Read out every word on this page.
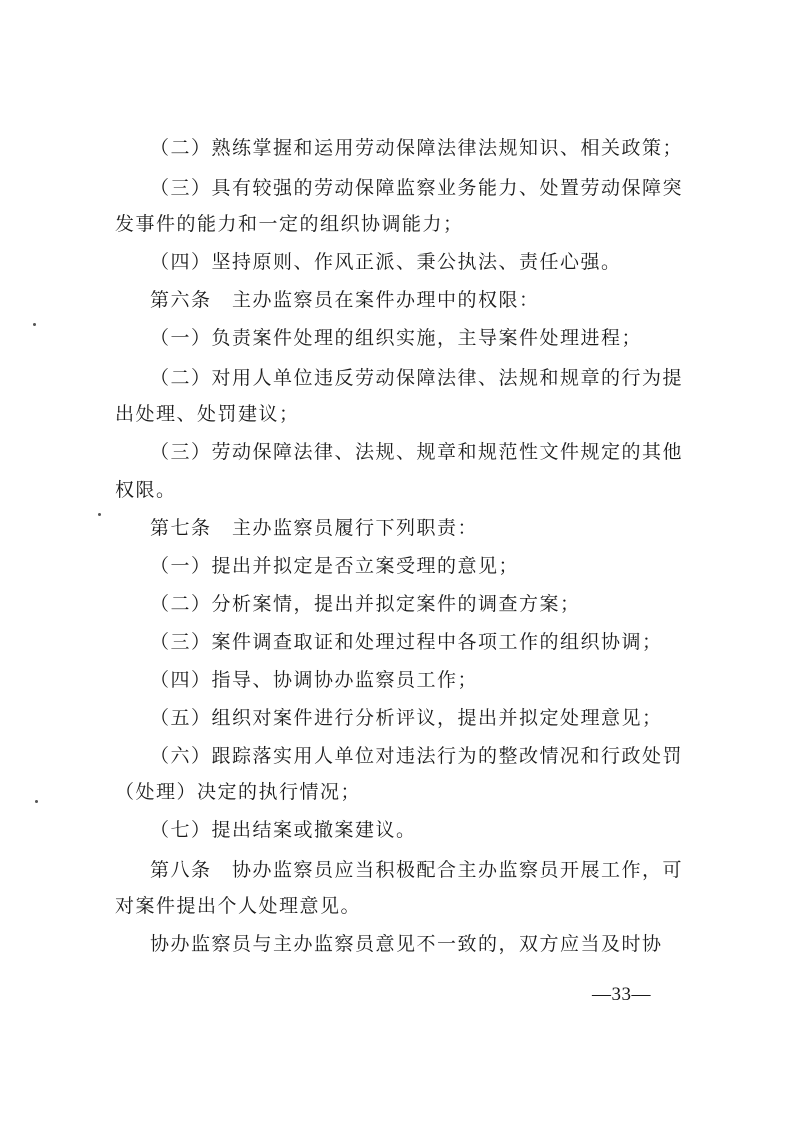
（二）熟练掌握和运用劳动保障法律法规知识、相关政策；
（三）具有较强的劳动保障监察业务能力、处置劳动保障突
发事件的能力和一定的组织协调能力；
（四）坚持原则、作风正派、秉公执法、责任心强。
第六条　主办监察员在案件办理中的权限：
（一）负责案件处理的组织实施，主导案件处理进程；
（二）对用人单位违反劳动保障法律、法规和规章的行为提
出处理、处罚建议；
（三）劳动保障法律、法规、规章和规范性文件规定的其他
权限。
第七条　主办监察员履行下列职责：
（一）提出并拟定是否立案受理的意见；
（二）分析案情，提出并拟定案件的调查方案；
（三）案件调查取证和处理过程中各项工作的组织协调；
（四）指导、协调协办监察员工作；
（五）组织对案件进行分析评议，提出并拟定处理意见；
（六）跟踪落实用人单位对违法行为的整改情况和行政处罚
（处理）决定的执行情况；
（七）提出结案或撤案建议。
第八条　协办监察员应当积极配合主办监察员开展工作，可
对案件提出个人处理意见。
协办监察员与主办监察员意见不一致的，双方应当及时协
—33—
